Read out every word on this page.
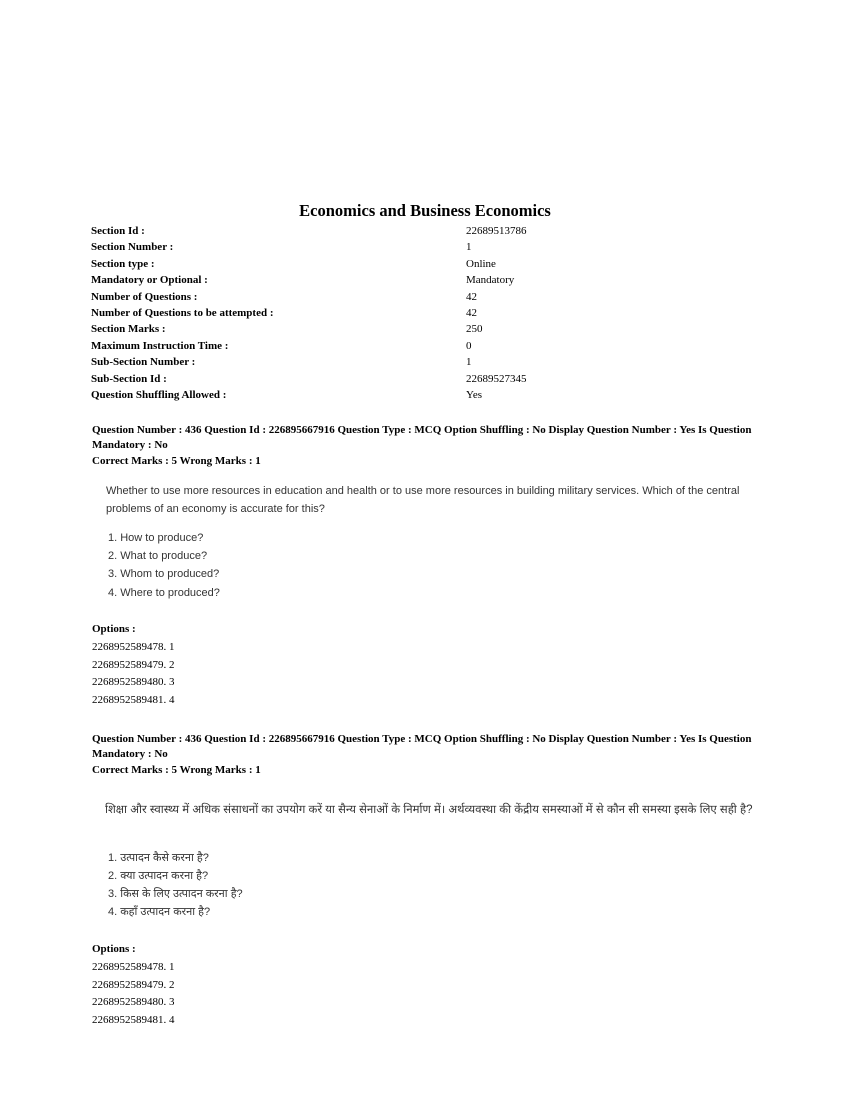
Economics and Business Economics
Section Id :	22689513786
Section Number :	1
Section type :	Online
Mandatory or Optional :	Mandatory
Number of Questions :	42
Number of Questions to be attempted :	42
Section Marks :	250
Maximum Instruction Time :	0
Sub-Section Number :	1
Sub-Section Id :	22689527345
Question Shuffling Allowed :	Yes
Question Number : 436 Question Id : 226895667916 Question Type : MCQ Option Shuffling : No Display Question Number : Yes Is Question Mandatory : No
Correct Marks : 5 Wrong Marks : 1
Whether to use more resources in education and health or to use more resources in building military services. Which of the central problems of an economy is accurate for this?
1. How to produce?
2. What to produce?
3. Whom to produced?
4. Where to produced?
Options :
2268952589478. 1
2268952589479. 2
2268952589480. 3
2268952589481. 4
Question Number : 436 Question Id : 226895667916 Question Type : MCQ Option Shuffling : No Display Question Number : Yes Is Question Mandatory : No
Correct Marks : 5 Wrong Marks : 1
शिक्षा और स्वास्थ्य में अधिक संसाधनों का उपयोग करें या सैन्य सेनाओं के निर्माण में। अर्थव्यवस्था की केंद्रीय समस्याओं में से कौन सी समस्या इसके लिए सही है?
1. उत्पादन कैसे करना है?
2. क्या उत्पादन करना है?
3. किस के लिए उत्पादन करना है?
4. कहाँ उत्पादन करना है?
Options :
2268952589478. 1
2268952589479. 2
2268952589480. 3
2268952589481. 4
